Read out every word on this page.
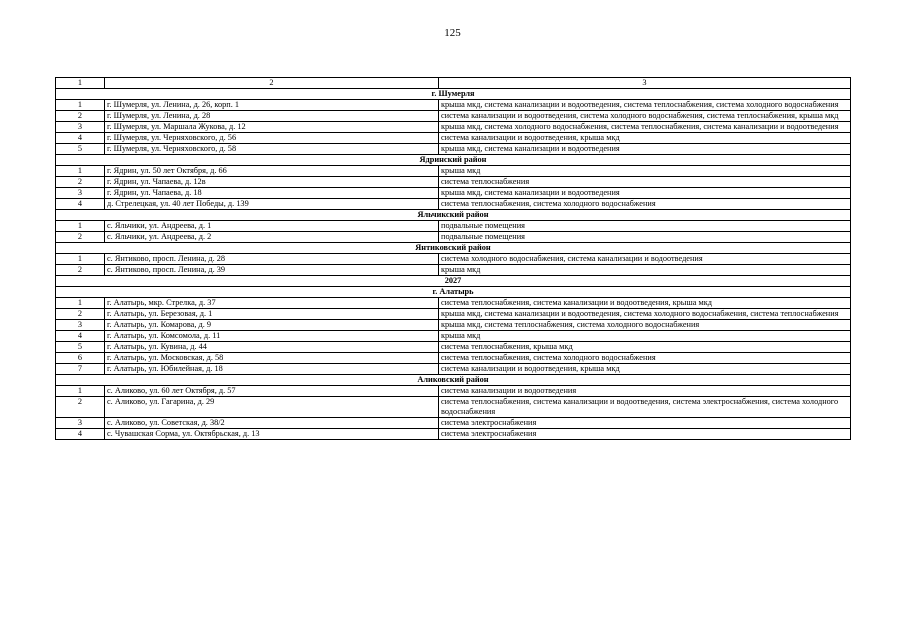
125
1	2	3
г. Шумерля		
1	г. Шумерля, ул. Ленина, д. 26, корп. 1	крыша мкд, система канализации и водоотведения, система теплоснабжения, система холодного водоснабжения
2	г. Шумерля, ул. Ленина, д. 28	система канализации и водоотведения, система холодного водоснабжения, система теплоснабжения, крыша мкд
3	г. Шумерля, ул. Маршала Жукова, д. 12	крыша мкд, система холодного водоснабжения, система теплоснабжения, система канализации и водоотведения
4	г. Шумерля, ул. Черняховского, д. 56	система канализации и водоотведения, крыша мкд
5	г. Шумерля, ул. Черняховского, д. 58	крыша мкд, система канализации и водоотведения
Ядринский район		
1	г. Ядрин, ул. 50 лет Октября, д. 66	крыша мкд
2	г. Ядрин, ул. Чапаева, д. 12в	система теплоснабжения
3	г. Ядрин, ул. Чапаева, д. 18	крыша мкд, система канализации и водоотведения
4	д. Стрелецкая, ул. 40 лет Победы, д. 139	система теплоснабжения, система холодного водоснабжения
Яльчикский район		
1	с. Яльчики, ул. Андреева, д. 1	подвальные помещения
2	с. Яльчики, ул. Андреева, д. 2	подвальные помещения
Янтиковский район		
1	с. Янтиково, просп. Ленина, д. 28	система холодного водоснабжения, система канализации и водоотведения
2	с. Янтиково, просп. Ленина, д. 39	крыша мкд
2027		
г. Алатырь		
1	г. Алатырь, мкр. Стрелка, д. 37	система теплоснабжения, система канализации и водоотведения, крыша мкд
2	г. Алатырь, ул. Березовая, д. 1	крыша мкд, система канализации и водоотведения, система холодного водоснабжения, система теплоснабжения
3	г. Алатырь, ул. Комарова, д. 9	крыша мкд, система теплоснабжения, система холодного водоснабжения
4	г. Алатырь, ул. Комсомола, д. 11	крыша мкд
5	г. Алатырь, ул. Кувина, д. 44	система теплоснабжения, крыша мкд
6	г. Алатырь, ул. Московская, д. 58	система теплоснабжения, система холодного водоснабжения
7	г. Алатырь, ул. Юбилейная, д. 18	система канализации и водоотведения, крыша мкд
Аликовский район		
1	с. Аликово, ул. 60 лет Октября, д. 57	система канализации и водоотведения
2	с. Аликово, ул. Гагарина, д. 29	система теплоснабжения, система канализации и водоотведения, система электроснабжения, система холодного водоснабжения
3	с. Аликово, ул. Советская, д. 38/2	система электроснабжения
4	с. Чувашская Сорма, ул. Октябрьская, д. 13	система электроснабжения
